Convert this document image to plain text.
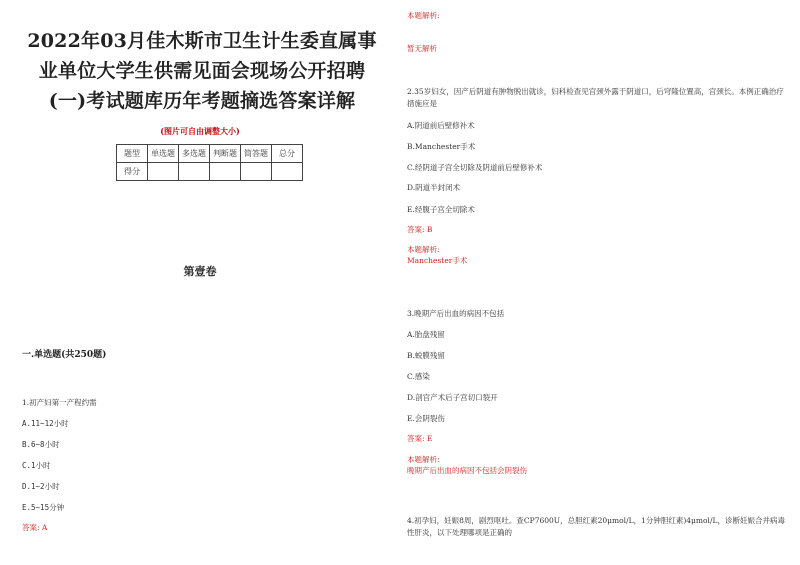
2022年03月佳木斯市卫生计生委直属事业单位大学生供需见面会现场公开招聘(一)考试题库历年考题摘选答案详解
(图片可自由调整大小)
题型	单选题	多选题	判断题	简答题	总分
得分					
第壹卷
一.单选题(共250题)
1.初产妇第一产程约需
A.11~12小时
B.6~8小时
C.1小时
D.1~2小时
E.5~15分钟
答案: A
本题解析:
暂无解析
2.35岁妇女，因产后阴道有肿物脱出就诊，妇科检查见宫颈外露于阴道口，后穹隆位置高，宫颈长。本例正确治疗措施应是
A.阴道前后壁修补术
B.Manchester手术
C.经阴道子宫全切除及阴道前后壁修补术
D.阴道半封闭术
E.经腹子宫全切除术
答案: B
本题解析:
Manchester手术
3.晚期产后出血的病因不包括
A.胎盘残留
B.蜕膜残留
C.感染
D.剖宫产术后子宫切口裂开
E.会阴裂伤
答案: E
本题解析:
晚期产后出血的病因不包括会阴裂伤
4.初孕妇，妊娠8周，剧烈呕吐。查CP7600U，总胆红素20μmol/L，1分钟胆红素)4μmol/L，诊断妊娠合并病毒性肝炎，以下处理哪项是正确的
